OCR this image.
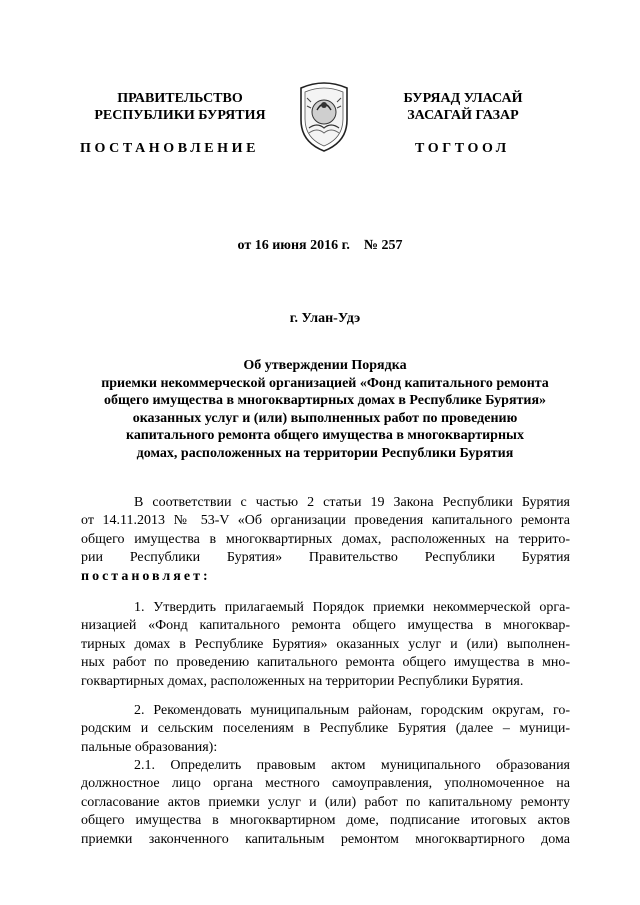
ПРАВИТЕЛЬСТВО
РЕСПУБЛИКИ БУРЯТИЯ
БУРЯАД УЛАСАЙ
ЗАСАГАЙ ГАЗАР
ПОСТАНОВЛЕНИЕ	ТОГТООЛ
от 16 июня 2016 г.    № 257
г. Улан-Удэ
Об утверждении Порядка
приемки некоммерческой организацией «Фонд капитального ремонта
общего имущества в многоквартирных домах в Республике Бурятия»
оказанных услуг и (или) выполненных работ по проведению
капитального ремонта общего имущества в многоквартирных
домах, расположенных на территории Республики Бурятия
В соответствии с частью 2 статьи 19 Закона Республики Бурятия
от 14.11.2013 № 53-V «Об организации проведения капитального ремонта
общего имущества в многоквартирных домах, расположенных на террито-
рии Республики Бурятия» Правительство Республики Бурятия
постановляет:
1. Утвердить прилагаемый Порядок приемки некоммерческой орга-
низацией «Фонд капитального ремонта общего имущества в многоквар-
тирных домах в Республике Бурятия» оказанных услуг и (или) выполнен-
ных работ по проведению капитального ремонта общего имущества в мно-
гоквартирных домах, расположенных на территории Республики Бурятия.
2. Рекомендовать муниципальным районам, городским округам, го-
родским и сельским поселениям в Республике Бурятия (далее – муници-
пальные образования):
2.1. Определить правовым актом муниципального образования
должностное лицо органа местного самоуправления, уполномоченное на
согласование актов приемки услуг и (или) работ по капитальному ремонту
общего имущества в многоквартирном доме, подписание итоговых актов
приемки законченного капитальным ремонтом многоквартирного дома
